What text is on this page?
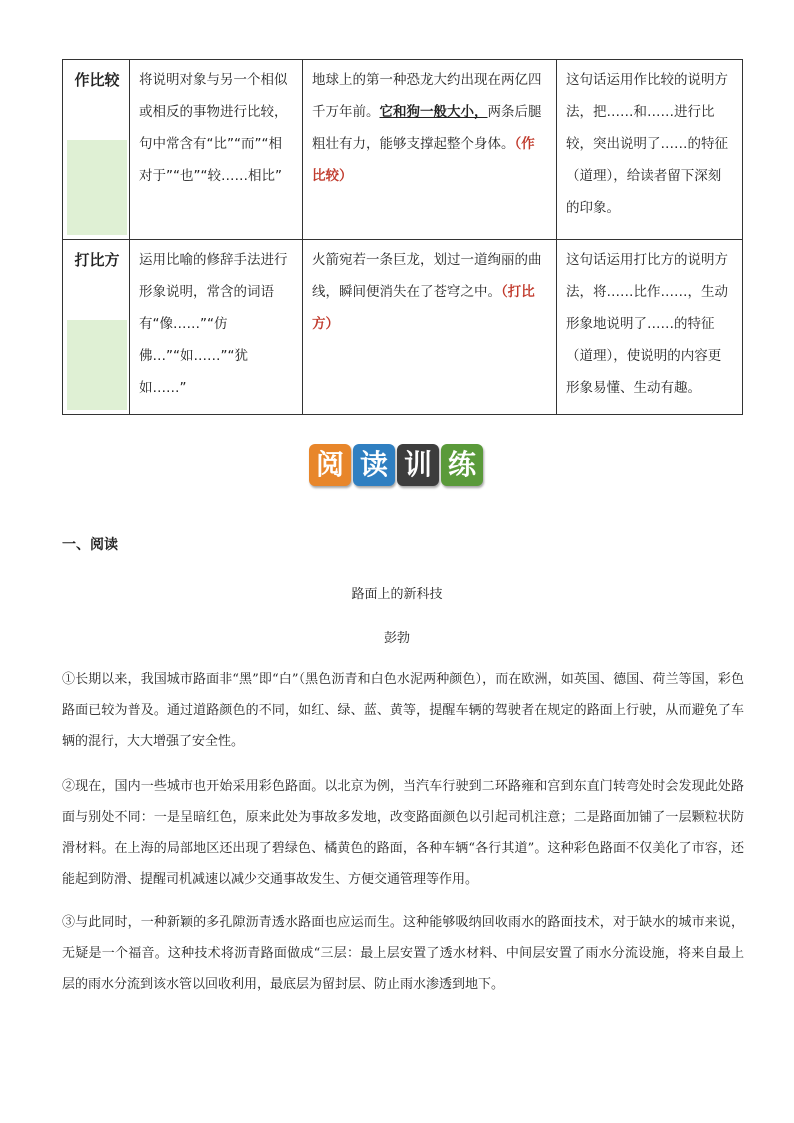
作比较	将说明对象与另一个相似或相反的事物进行比较，句中常含有“比”“而”“相对于”“也”“较……相比”	地球上的第一种恐龙大约出现在两亿四千万年前。它和狗一般大小，两条后腿粗壮有力，能够支撑起整个身体。（作比较）	这句话运用作比较的说明方法，把……和……进行比较，突出说明了……的特征（道理），给读者留下深刻的印象。

打比方	运用比喻的修辞手法进行形象说明，常含的词语有“像……”“仿佛…”“如……”“犹如……”	火箭宛若一条巨龙，划过一道绚丽的曲线，瞬间便消失在了苍穹之中。（打比方）	这句话运用打比方的说明方法，将……比作……，生动形象地说明了……的特征（道理），使说明的内容更形象易懂、生动有趣。
阅 读 训 练
一、阅读
路面上的新科技
彭勃

①长期以来，我国城市路面非“黑”即“白”（黑色沥青和白色水泥两种颜色），而在欧洲，如英国、德国、荷兰等国，彩色路面已较为普及。通过道路颜色的不同，如红、绿、蓝、黄等，提醒车辆的驾驶者在规定的路面上行驶，从而避免了车辆的混行，大大增强了安全性。

②现在，国内一些城市也开始采用彩色路面。以北京为例，当汽车行驶到二环路雍和宫到东直门转弯处时会发现此处路面与别处不同：一是呈暗红色，原来此处为事故多发地，改变路面颜色以引起司机注意；二是路面加铺了一层颗粒状防滑材料。在上海的局部地区还出现了碧绿色、橘黄色的路面，各种车辆“各行其道”。这种彩色路面不仅美化了市容，还能起到防滑、提醒司机减速以减少交通事故发生、方便交通管理等作用。

③与此同时，一种新颖的多孔隙沥青透水路面也应运而生。这种能够吸纳回收雨水的路面技术，对于缺水的城市来说，无疑是一个福音。这种技术将沥青路面做成“三层：最上层安置了透水材料、中间层安置了雨水分流设施，将来自最上层的雨水分流到该水管以回收利用，最底层为留封层、防止雨水渗透到地下。
